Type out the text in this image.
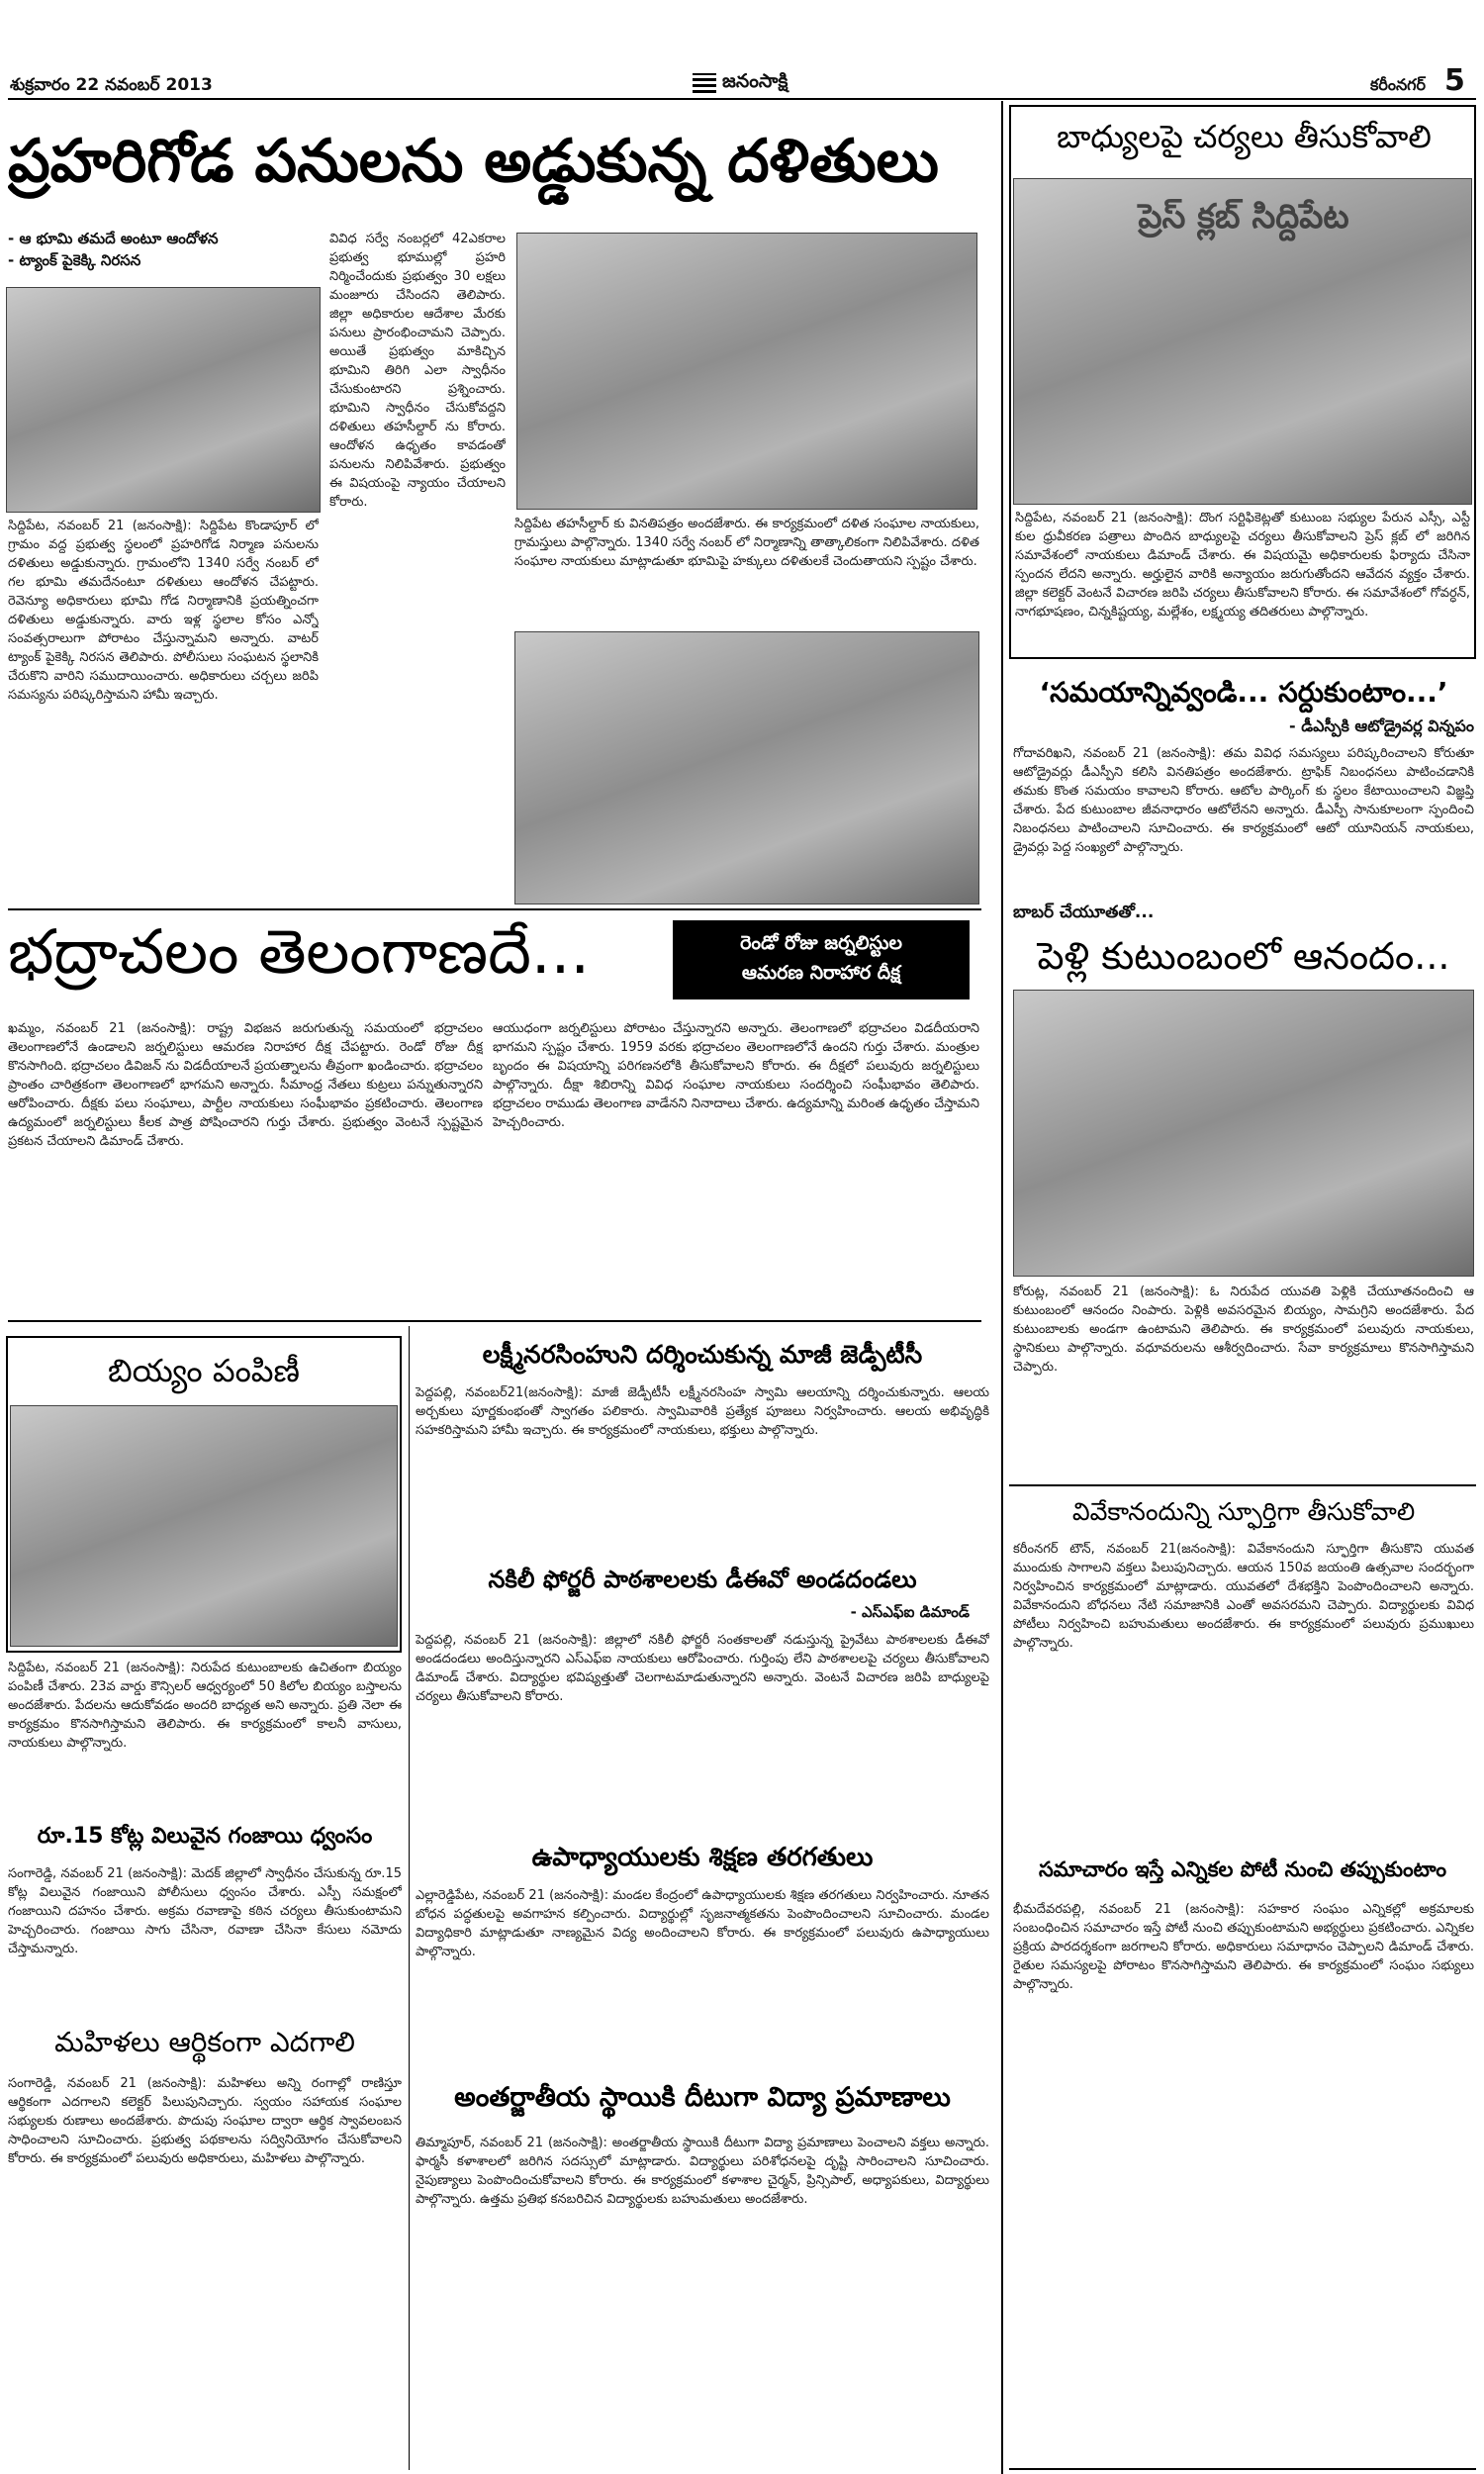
శుక్రవారం 22 నవంబర్ 2013	జనంసాక్షి	కరీంనగర్ 5
ప్రహరిగోడ పనులను అడ్డుకున్న దళితులు
- ఆ భూమి తమదే అంటూ ఆందోళన
- ట్యాంక్ పైకెక్కి నిరసన
సిద్దిపేట, నవంబర్ 21 (జనంసాక్షి): సిద్దిపేట కొండాపూర్ లో గ్రామం వద్ద ప్రభుత్వ స్థలంలో ప్రహరిగోడ నిర్మాణ పనులను దళితులు అడ్డుకున్నారు. గ్రామంలోని 1340 సర్వే నంబర్ లో గల భూమి తమదేనంటూ దళితులు ఆందోళన చేపట్టారు. రెవెన్యూ అధికారులు భూమి గోడ నిర్మాణానికి ప్రయత్నించగా దళితులు అడ్డుకున్నారు. వారు ఇళ్ల స్థలాల కోసం ఎన్నో సంవత్సరాలుగా పోరాటం చేస్తున్నామని అన్నారు. వాటర్ ట్యాంక్ పైకెక్కి నిరసన తెలిపారు. పోలీసులు సంఘటన స్థలానికి చేరుకొని వారిని సముదాయించారు. అధికారులు చర్చలు జరిపి సమస్యను పరిష్కరిస్తామని హామీ ఇచ్చారు.
వివిధ సర్వే నంబర్లలో 42ఎకరాల ప్రభుత్వ భూముల్లో ప్రహరి నిర్మించేందుకు ప్రభుత్వం 30 లక్షలు మంజూరు చేసిందని తెలిపారు. జిల్లా అధికారుల ఆదేశాల మేరకు పనులు ప్రారంభించామని చెప్పారు. అయితే ప్రభుత్వం మాకిచ్చిన భూమిని తిరిగి ఎలా స్వాధీనం చేసుకుంటారని ప్రశ్నించారు. భూమిని స్వాధీనం చేసుకోవద్దని దళితులు తహసీల్దార్ ను కోరారు. ఆందోళన ఉధృతం కావడంతో పనులను నిలిపివేశారు. ప్రభుత్వం ఈ విషయంపై న్యాయం చేయాలని కోరారు.
సిద్దిపేట తహసీల్దార్ కు వినతిపత్రం అందజేశారు. ఈ కార్యక్రమంలో దళిత సంఘాల నాయకులు, గ్రామస్తులు పాల్గొన్నారు. 1340 సర్వే నంబర్ లో నిర్మాణాన్ని తాత్కాలికంగా నిలిపివేశారు. దళిత సంఘాల నాయకులు మాట్లాడుతూ భూమిపై హక్కులు దళితులకే చెందుతాయని స్పష్టం చేశారు.
భద్రాచలం తెలంగాణదే...	రెండో రోజు జర్నలిస్టుల
ఆమరణ నిరాహార దీక్ష
ఖమ్మం, నవంబర్ 21 (జనంసాక్షి): రాష్ట్ర విభజన జరుగుతున్న సమయంలో భద్రాచలం తెలంగాణలోనే ఉండాలని జర్నలిస్టులు ఆమరణ నిరాహార దీక్ష చేపట్టారు. రెండో రోజు దీక్ష కొనసాగింది. భద్రాచలం డివిజన్ ను విడదీయాలనే ప్రయత్నాలను తీవ్రంగా ఖండించారు. భద్రాచలం ప్రాంతం చారిత్రకంగా తెలంగాణలో భాగమని అన్నారు. సీమాంధ్ర నేతలు కుట్రలు పన్నుతున్నారని ఆరోపించారు. దీక్షకు పలు సంఘాలు, పార్టీల నాయకులు సంఘీభావం ప్రకటించారు. తెలంగాణ ఉద్యమంలో జర్నలిస్టులు కీలక పాత్ర పోషించారని గుర్తు చేశారు. ప్రభుత్వం వెంటనే స్పష్టమైన ప్రకటన చేయాలని డిమాండ్ చేశారు.
ఆయుధంగా జర్నలిస్టులు పోరాటం చేస్తున్నారని అన్నారు. తెలంగాణలో భద్రాచలం విడదీయరాని భాగమని స్పష్టం చేశారు. 1959 వరకు భద్రాచలం తెలంగాణలోనే ఉందని గుర్తు చేశారు. మంత్రుల బృందం ఈ విషయాన్ని పరిగణనలోకి తీసుకోవాలని కోరారు. ఈ దీక్షలో పలువురు జర్నలిస్టులు పాల్గొన్నారు. దీక్షా శిబిరాన్ని వివిధ సంఘాల నాయకులు సందర్శించి సంఘీభావం తెలిపారు. భద్రాచలం రాముడు తెలంగాణ వాడేనని నినాదాలు చేశారు. ఉద్యమాన్ని మరింత ఉధృతం చేస్తామని హెచ్చరించారు.
బాధ్యులపై చర్యలు తీసుకోవాలి
ప్రెస్ క్లబ్ సిద్దిపేట
సిద్దిపేట, నవంబర్ 21 (జనంసాక్షి): దొంగ సర్టిఫికెట్లతో కుటుంబ సభ్యుల పేరున ఎస్సీ, ఎస్టీ కుల ధ్రువీకరణ పత్రాలు పొందిన బాధ్యులపై చర్యలు తీసుకోవాలని ప్రెస్ క్లబ్ లో జరిగిన సమావేశంలో నాయకులు డిమాండ్ చేశారు. ఈ విషయమై అధికారులకు ఫిర్యాదు చేసినా స్పందన లేదని అన్నారు. అర్హులైన వారికి అన్యాయం జరుగుతోందని ఆవేదన వ్యక్తం చేశారు. జిల్లా కలెక్టర్ వెంటనే విచారణ జరిపి చర్యలు తీసుకోవాలని కోరారు. ఈ సమావేశంలో గోవర్ధన్, నాగభూషణం, చిన్నకిష్టయ్య, మల్లేశం, లక్ష్మయ్య తదితరులు పాల్గొన్నారు.
‘సమయాన్నివ్వండి... సర్దుకుంటాం...’
- డీఎస్పీకి ఆటోడ్రైవర్ల విన్నపం
గోదావరిఖని, నవంబర్ 21 (జనంసాక్షి): తమ వివిధ సమస్యలు పరిష్కరించాలని కోరుతూ ఆటోడ్రైవర్లు డీఎస్పీని కలిసి వినతిపత్రం అందజేశారు. ట్రాఫిక్ నిబంధనలు పాటించడానికి తమకు కొంత సమయం కావాలని కోరారు. ఆటోల పార్కింగ్ కు స్థలం కేటాయించాలని విజ్ఞప్తి చేశారు. పేద కుటుంబాల జీవనాధారం ఆటోలేనని అన్నారు. డీఎస్పీ సానుకూలంగా స్పందించి నిబంధనలు పాటించాలని సూచించారు. ఈ కార్యక్రమంలో ఆటో యూనియన్ నాయకులు, డ్రైవర్లు పెద్ద సంఖ్యలో పాల్గొన్నారు.
బాబర్ చేయూతతో...
పెళ్లి కుటుంబంలో ఆనందం...
కోరుట్ల, నవంబర్ 21 (జనంసాక్షి): ఓ నిరుపేద యువతి పెళ్లికి చేయూతనందించి ఆ కుటుంబంలో ఆనందం నింపారు. పెళ్లికి అవసరమైన బియ్యం, సామగ్రిని అందజేశారు. పేద కుటుంబాలకు అండగా ఉంటామని తెలిపారు. ఈ కార్యక్రమంలో పలువురు నాయకులు, స్థానికులు పాల్గొన్నారు. వధూవరులను ఆశీర్వదించారు. సేవా కార్యక్రమాలు కొనసాగిస్తామని చెప్పారు.
వివేకానందున్ని స్ఫూర్తిగా తీసుకోవాలి
కరీంనగర్ టౌన్, నవంబర్ 21(జనంసాక్షి): వివేకానందుని స్ఫూర్తిగా తీసుకొని యువత ముందుకు సాగాలని వక్తలు పిలుపునిచ్చారు. ఆయన 150వ జయంతి ఉత్సవాల సందర్భంగా నిర్వహించిన కార్యక్రమంలో మాట్లాడారు. యువతలో దేశభక్తిని పెంపొందించాలని అన్నారు. వివేకానందుని బోధనలు నేటి సమాజానికి ఎంతో అవసరమని చెప్పారు. విద్యార్థులకు వివిధ పోటీలు నిర్వహించి బహుమతులు అందజేశారు. ఈ కార్యక్రమంలో పలువురు ప్రముఖులు పాల్గొన్నారు.
సమాచారం ఇస్తే ఎన్నికల పోటీ నుంచి తప్పుకుంటాం
భీమదేవరపల్లి, నవంబర్ 21 (జనంసాక్షి): సహకార సంఘం ఎన్నికల్లో అక్రమాలకు సంబంధించిన సమాచారం ఇస్తే పోటీ నుంచి తప్పుకుంటామని అభ్యర్థులు ప్రకటించారు. ఎన్నికల ప్రక్రియ పారదర్శకంగా జరగాలని కోరారు. అధికారులు సమాధానం చెప్పాలని డిమాండ్ చేశారు. రైతుల సమస్యలపై పోరాటం కొనసాగిస్తామని తెలిపారు. ఈ కార్యక్రమంలో సంఘం సభ్యులు పాల్గొన్నారు.
బియ్యం పంపిణీ
సిద్దిపేట, నవంబర్ 21 (జనంసాక్షి): నిరుపేద కుటుంబాలకు ఉచితంగా బియ్యం పంపిణీ చేశారు. 23వ వార్డు కౌన్సిలర్ ఆధ్వర్యంలో 50 కిలోల బియ్యం బస్తాలను అందజేశారు. పేదలను ఆదుకోవడం అందరి బాధ్యత అని అన్నారు. ప్రతి నెలా ఈ కార్యక్రమం కొనసాగిస్తామని తెలిపారు. ఈ కార్యక్రమంలో కాలనీ వాసులు, నాయకులు పాల్గొన్నారు.
రూ.15 కోట్ల విలువైన గంజాయి ధ్వంసం
సంగారెడ్డి, నవంబర్ 21 (జనంసాక్షి): మెదక్ జిల్లాలో స్వాధీనం చేసుకున్న రూ.15 కోట్ల విలువైన గంజాయిని పోలీసులు ధ్వంసం చేశారు. ఎస్పీ సమక్షంలో గంజాయిని దహనం చేశారు. అక్రమ రవాణాపై కఠిన చర్యలు తీసుకుంటామని హెచ్చరించారు. గంజాయి సాగు చేసినా, రవాణా చేసినా కేసులు నమోదు చేస్తామన్నారు.
మహిళలు ఆర్థికంగా ఎదగాలి
సంగారెడ్డి, నవంబర్ 21 (జనంసాక్షి): మహిళలు అన్ని రంగాల్లో రాణిస్తూ ఆర్థికంగా ఎదగాలని కలెక్టర్ పిలుపునిచ్చారు. స్వయం సహాయక సంఘాల సభ్యులకు రుణాలు అందజేశారు. పొదుపు సంఘాల ద్వారా ఆర్థిక స్వావలంబన సాధించాలని సూచించారు. ప్రభుత్వ పథకాలను సద్వినియోగం చేసుకోవాలని కోరారు. ఈ కార్యక్రమంలో పలువురు అధికారులు, మహిళలు పాల్గొన్నారు.
లక్ష్మీనరసింహుని దర్శించుకున్న మాజీ జెడ్పీటీసీ
పెద్దపల్లి, నవంబర్21(జనంసాక్షి): మాజీ జెడ్పీటీసీ లక్ష్మీనరసింహ స్వామి ఆలయాన్ని దర్శించుకున్నారు. ఆలయ అర్చకులు పూర్ణకుంభంతో స్వాగతం పలికారు. స్వామివారికి ప్రత్యేక పూజలు నిర్వహించారు. ఆలయ అభివృద్ధికి సహకరిస్తామని హామీ ఇచ్చారు. ఈ కార్యక్రమంలో నాయకులు, భక్తులు పాల్గొన్నారు.
నకిలీ ఫోర్జరీ పాఠశాలలకు డీఈవో అండదండలు
- ఎస్ఎఫ్ఐ డిమాండ్
పెద్దపల్లి, నవంబర్ 21 (జనంసాక్షి): జిల్లాలో నకిలీ ఫోర్జరీ సంతకాలతో నడుస్తున్న ప్రైవేటు పాఠశాలలకు డీఈవో అండదండలు అందిస్తున్నారని ఎస్ఎఫ్ఐ నాయకులు ఆరోపించారు. గుర్తింపు లేని పాఠశాలలపై చర్యలు తీసుకోవాలని డిమాండ్ చేశారు. విద్యార్థుల భవిష్యత్తుతో చెలగాటమాడుతున్నారని అన్నారు. వెంటనే విచారణ జరిపి బాధ్యులపై చర్యలు తీసుకోవాలని కోరారు.
ఉపాధ్యాయులకు శిక్షణ తరగతులు
ఎల్లారెడ్డిపేట, నవంబర్ 21 (జనంసాక్షి): మండల కేంద్రంలో ఉపాధ్యాయులకు శిక్షణ తరగతులు నిర్వహించారు. నూతన బోధన పద్ధతులపై అవగాహన కల్పించారు. విద్యార్థుల్లో సృజనాత్మకతను పెంపొందించాలని సూచించారు. మండల విద్యాధికారి మాట్లాడుతూ నాణ్యమైన విద్య అందించాలని కోరారు. ఈ కార్యక్రమంలో పలువురు ఉపాధ్యాయులు పాల్గొన్నారు.
అంతర్జాతీయ స్థాయికి దీటుగా విద్యా ప్రమాణాలు
తిమ్మాపూర్, నవంబర్ 21 (జనంసాక్షి): అంతర్జాతీయ స్థాయికి దీటుగా విద్యా ప్రమాణాలు పెంచాలని వక్తలు అన్నారు. ఫార్మసీ కళాశాలలో జరిగిన సదస్సులో మాట్లాడారు. విద్యార్థులు పరిశోధనలపై దృష్టి సారించాలని సూచించారు. నైపుణ్యాలు పెంపొందించుకోవాలని కోరారు. ఈ కార్యక్రమంలో కళాశాల చైర్మన్, ప్రిన్సిపాల్, అధ్యాపకులు, విద్యార్థులు పాల్గొన్నారు. ఉత్తమ ప్రతిభ కనబరిచిన విద్యార్థులకు బహుమతులు అందజేశారు.
